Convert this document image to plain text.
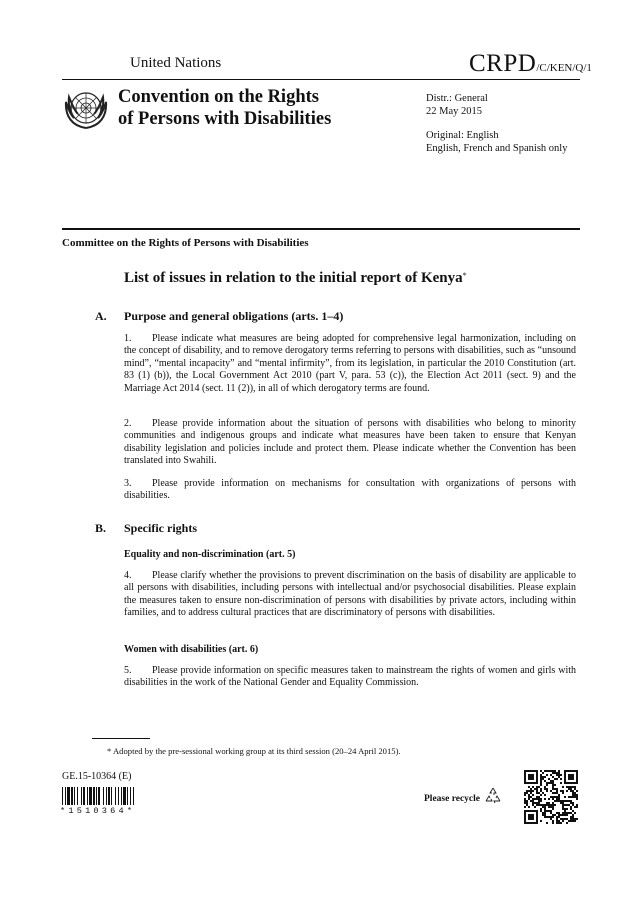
United Nations	CRPD/C/KEN/Q/1
Convention on the Rights
of Persons with Disabilities
Distr.: General
22 May 2015
Original: English
English, French and Spanish only
Committee on the Rights of Persons with Disabilities
List of issues in relation to the initial report of Kenya*
A. Purpose and general obligations (arts. 1–4)
1. Please indicate what measures are being adopted for comprehensive legal harmonization, including on the concept of disability, and to remove derogatory terms referring to persons with disabilities, such as “unsound mind”, “mental incapacity” and “mental infirmity”, from its legislation, in particular the 2010 Constitution (art. 83 (1) (b)), the Local Government Act 2010 (part V, para. 53 (c)), the Election Act 2011 (sect. 9) and the Marriage Act 2014 (sect. 11 (2)), in all of which derogatory terms are found.
2. Please provide information about the situation of persons with disabilities who belong to minority communities and indigenous groups and indicate what measures have been taken to ensure that Kenyan disability legislation and policies include and protect them. Please indicate whether the Convention has been translated into Swahili.
3. Please provide information on mechanisms for consultation with organizations of persons with disabilities.
B. Specific rights
Equality and non-discrimination (art. 5)
4. Please clarify whether the provisions to prevent discrimination on the basis of disability are applicable to all persons with disabilities, including persons with intellectual and/or psychosocial disabilities. Please explain the measures taken to ensure non-discrimination of persons with disabilities by private actors, including within families, and to address cultural practices that are discriminatory of persons with disabilities.
Women with disabilities (art. 6)
5. Please provide information on specific measures taken to mainstream the rights of women and girls with disabilities in the work of the National Gender and Equality Commission.
* Adopted by the pre-sessional working group at its third session (20–24 April 2015).
GE.15-10364 (E)
*1510364*
Please recycle
